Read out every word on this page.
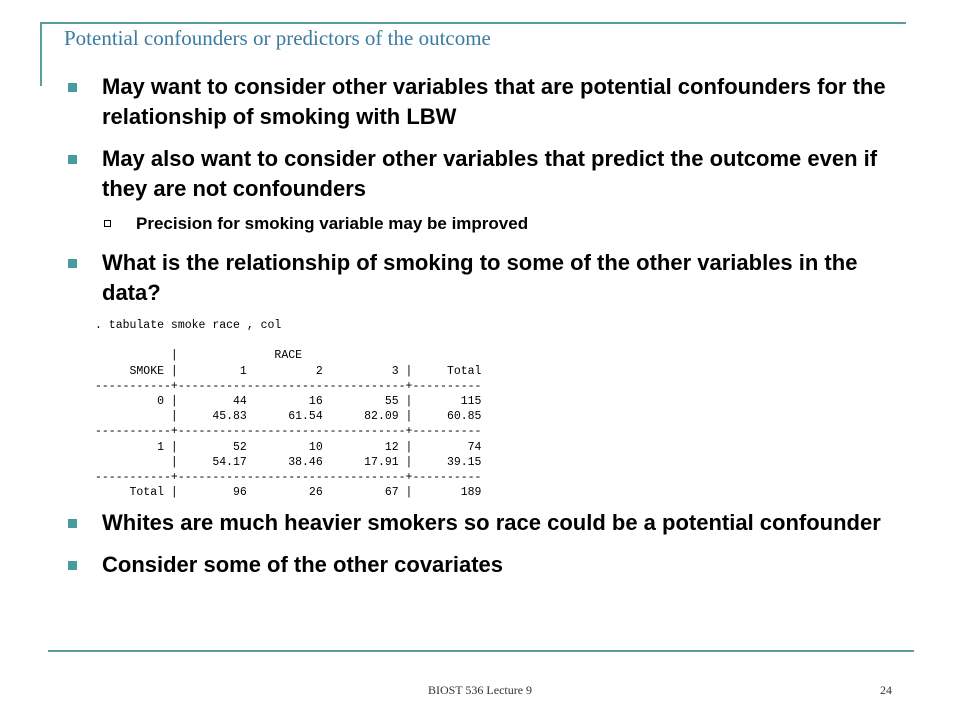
Potential confounders or predictors of the outcome
May want to consider other variables that are potential confounders for the relationship of smoking with LBW
May also want to consider other variables that predict the outcome even if they are not confounders
Precision for smoking variable may be improved
What is the relationship of smoking to some of the other variables in the data?
. tabulate smoke race , col

|              RACE
SMOKE |         1          2          3 |     Total
-----------+---------------------------------+----------
0 |        44         16         55 |       115
|     45.83      61.54      82.09 |     60.85
-----------+---------------------------------+----------
1 |        52         10         12 |        74
|     54.17      38.46      17.91 |     39.15
-----------+---------------------------------+----------
Total |        96         26         67 |       189
Whites are much heavier smokers so race could be a potential confounder
Consider some of the other covariates
BIOST 536 Lecture 9	24
